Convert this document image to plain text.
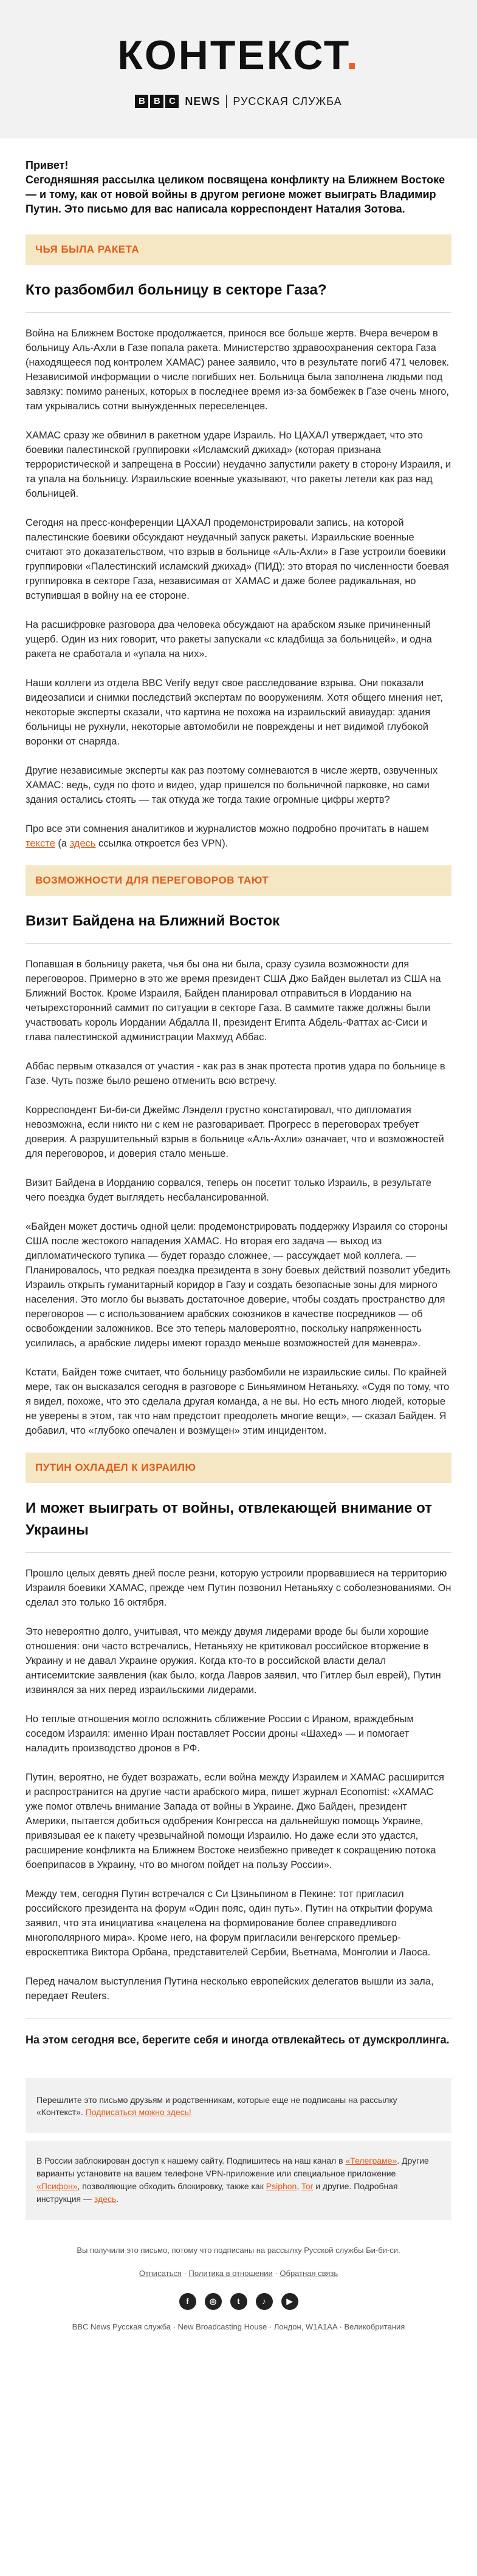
КОНТЕКСТ.
B B C NEWS РУССКАЯ СЛУЖБА
Привет!
Сегодняшняя рассылка целиком посвящена конфликту на Ближнем Востоке — и тому, как от новой войны в другом регионе может выиграть Владимир Путин. Это письмо для вас написала корреспондент Наталия Зотова.
ЧЬЯ БЫЛА РАКЕТА
Кто разбомбил больницу в секторе Газа?

Война на Ближнем Востоке продолжается, принося все больше жертв. Вчера вечером в больницу Аль-Ахли в Газе попала ракета. Министерство здравоохранения сектора Газа (находящееся под контролем ХАМАС) ранее заявило, что в результате погиб 471 человек. Независимой информации о числе погибших нет. Больница была заполнена людьми под завязку: помимо раненых, которых в последнее время из-за бомбежек в Газе очень много, там укрывались сотни вынужденных переселенцев.

ХАМАС сразу же обвинил в ракетном ударе Израиль. Но ЦАХАЛ утверждает, что это боевики палестинской группировки «Исламский джихад» (которая признана террористической и запрещена в России) неудачно запустили ракету в сторону Израиля, и та упала на больницу. Израильские военные указывают, что ракеты летели как раз над больницей.

Сегодня на пресс-конференции ЦАХАЛ продемонстрировали запись, на которой палестинские боевики обсуждают неудачный запуск ракеты. Израильские военные считают это доказательством, что взрыв в больнице «Аль-Ахли» в Газе устроили боевики группировки «Палестинский исламский джихад» (ПИД): это вторая по численности боевая группировка в секторе Газа, независимая от ХАМАС и даже более радикальная, но вступившая в войну на ее стороне.

На расшифровке разговора два человека обсуждают на арабском языке причиненный ущерб. Один из них говорит, что ракеты запускали «с кладбища за больницей», и одна ракета не сработала и «упала на них».

Наши коллеги из отдела BBC Verify ведут свое расследование взрыва. Они показали видеозаписи и снимки последствий экспертам по вооружениям. Хотя общего мнения нет, некоторые эксперты сказали, что картина не похожа на израильский авиаудар: здания больницы не рухнули, некоторые автомобили не повреждены и нет видимой глубокой воронки от снаряда.

Другие независимые эксперты как раз поэтому сомневаются в числе жертв, озвученных ХАМАС: ведь, судя по фото и видео, удар пришелся по больничной парковке, но сами здания остались стоять — так откуда же тогда такие огромные цифры жертв?

Про все эти сомнения аналитиков и журналистов можно подробно прочитать в нашем тексте (а здесь ссылка откроется без VPN).

ВОЗМОЖНОСТИ ДЛЯ ПЕРЕГОВОРОВ ТАЮТ
Визит Байдена на Ближний Восток

Попавшая в больницу ракета, чья бы она ни была, сразу сузила возможности для переговоров. Примерно в это же время президент США Джо Байден вылетал из США на Ближний Восток. Кроме Израиля, Байден планировал отправиться в Иорданию на четырехсторонний саммит по ситуации в секторе Газа. В саммите также должны были участвовать король Иордании Абдалла II, президент Египта Абдель-Фаттах ас-Сиси и глава палестинской администрации Махмуд Аббас.

Аббас первым отказался от участия - как раз в знак протеста против удара по больнице в Газе. Чуть позже было решено отменить всю встречу.

Корреспондент Би-би-си Джеймс Лэнделл грустно констатировал, что дипломатия невозможна, если никто ни с кем не разговаривает. Прогресс в переговорах требует доверия. А разрушительный взрыв в больнице «Аль-Ахли» означает, что и возможностей для переговоров, и доверия стало меньше.

Визит Байдена в Иорданию сорвался, теперь он посетит только Израиль, в результате чего поездка будет выглядеть несбалансированной.

«Байден может достичь одной цели: продемонстрировать поддержку Израиля со стороны США после жестокого нападения ХАМАС. Но вторая его задача — выход из дипломатического тупика — будет гораздо сложнее, — рассуждает мой коллега. — Планировалось, что редкая поездка президента в зону боевых действий позволит убедить Израиль открыть гуманитарный коридор в Газу и создать безопасные зоны для мирного населения. Это могло бы вызвать достаточное доверие, чтобы создать пространство для переговоров — с использованием арабских союзников в качестве посредников — об освобождении заложников. Все это теперь маловероятно, поскольку напряженность усилилась, а арабские лидеры имеют гораздо меньше возможностей для маневра».

Кстати, Байден тоже считает, что больницу разбомбили не израильские силы. По крайней мере, так он высказался сегодня в разговоре с Биньямином Нетаньяху. «Судя по тому, что я видел, похоже, что это сделала другая команда, а не вы. Но есть много людей, которые не уверены в этом, так что нам предстоит преодолеть многие вещи», — сказал Байден. Я добавил, что «глубоко опечален и возмущен» этим инцидентом.

ПУТИН ОХЛАДЕЛ К ИЗРАИЛЮ
И может выиграть от войны, отвлекающей внимание от Украины

Прошло целых девять дней после резни, которую устроили прорвавшиеся на территорию Израиля боевики ХАМАС, прежде чем Путин позвонил Нетаньяху с соболезнованиями. Он сделал это только 16 октября.

Это невероятно долго, учитывая, что между двумя лидерами вроде бы были хорошие отношения: они часто встречались, Нетаньяху не критиковал российское вторжение в Украину и не давал Украине оружия. Когда кто-то в российской власти делал антисемитские заявления (как было, когда Лавров заявил, что Гитлер был еврей), Путин извинялся за них перед израильскими лидерами.

Но теплые отношения могло осложнить сближение России с Ираном, враждебным соседом Израиля: именно Иран поставляет России дроны «Шахед» — и помогает наладить производство дронов в РФ.

Путин, вероятно, не будет возражать, если война между Израилем и ХАМАС расширится и распространится на другие части арабского мира, пишет журнал Economist: «ХАМАС уже помог отвлечь внимание Запада от войны в Украине. Джо Байден, президент Америки, пытается добиться одобрения Конгресса на дальнейшую помощь Украине, привязывая ее к пакету чрезвычайной помощи Израилю. Но даже если это удастся, расширение конфликта на Ближнем Востоке неизбежно приведет к сокращению потока боеприпасов в Украину, что во многом пойдет на пользу России».

Между тем, сегодня Путин встречался с Си Цзиньпином в Пекине: тот пригласил российского президента на форум «Один пояс, один путь». Путин на открытии форума заявил, что эта инициатива «нацелена на формирование более справедливого многополярного мира». Кроме него, на форум пригласили венгерского премьер-евроскептика Виктора Орбана, представителей Сербии, Вьетнама, Монголии и Лаоса.

Перед началом выступления Путина несколько европейских делегатов вышли из зала, передает Reuters.

На этом сегодня все, берегите себя и иногда отвлекайтесь от думскроллинга.
Перешлите это письмо друзьям и родственникам, которые еще не подписаны на рассылку «Контекст». Подписаться можно здесь!
В России заблокирован доступ к нашему сайту. Подпишитесь на наш канал в «Телеграме». Другие варианты установите на вашем телефоне VPN-приложение или специальное приложение «Псифон», позволяющие обходить блокировку, также как Psiphon, Tor и другие. Подробная инструкция — здесь.
Вы получили это письмо, потому что подписаны на рассылку Русской службы Би-би-си.
Отписаться · Политика в отношении · Обратная связь
f	◎	t	♪	▶
BBC News Русская служба · New Broadcasting House · Лондон, W1A1AA · Великобритания
